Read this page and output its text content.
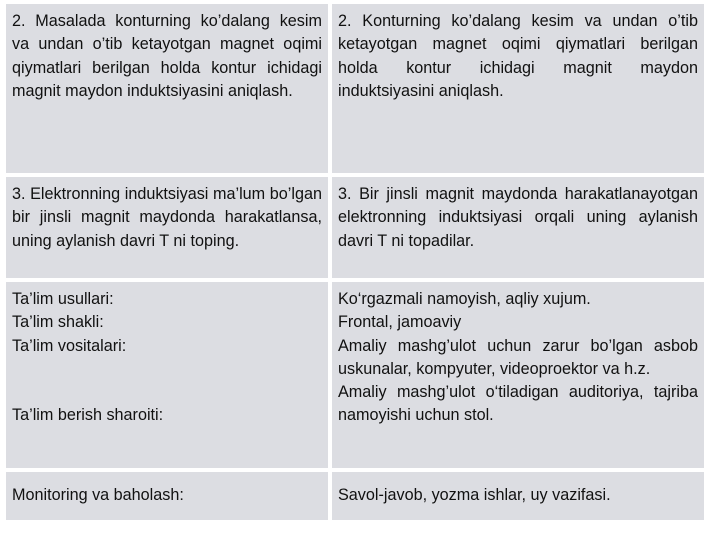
2. Masalada konturning ko’dalang kesim va undan o’tib ketayotgan magnet oqimi qiymatlari berilgan holda kontur ichidagi magnit maydon induktsiyasini aniqlash.
2. Konturning ko’dalang kesim va undan o’tib ketayotgan magnet oqimi qiymatlari berilgan holda kontur ichidagi magnit maydon induktsiyasini aniqlash.
3. Elektronning induktsiyasi ma’lum bo’lgan bir jinsli magnit maydonda harakatlansa, uning aylanish davri T ni toping.
3. Bir jinsli magnit maydonda harakatlanayotgan elektronning induktsiyasi orqali uning aylanish davri T ni topadilar.
Ta’lim usullari:
Ta’lim shakli:
Ta’lim vositalari:
Ta’lim berish sharoiti:
Ko‘rgazmali namoyish, aqliy xujum.
Frontal, jamoaviy
Amaliy mashg’ulot uchun zarur bo’lgan asbob uskunalar, kompyuter, videoproektor va h.z.
Amaliy mashg’ulot o‘tiladigan auditoriya, tajriba namoyishi uchun stol.
Monitoring va baholash:	Savol-javob, yozma ishlar, uy vazifasi.
